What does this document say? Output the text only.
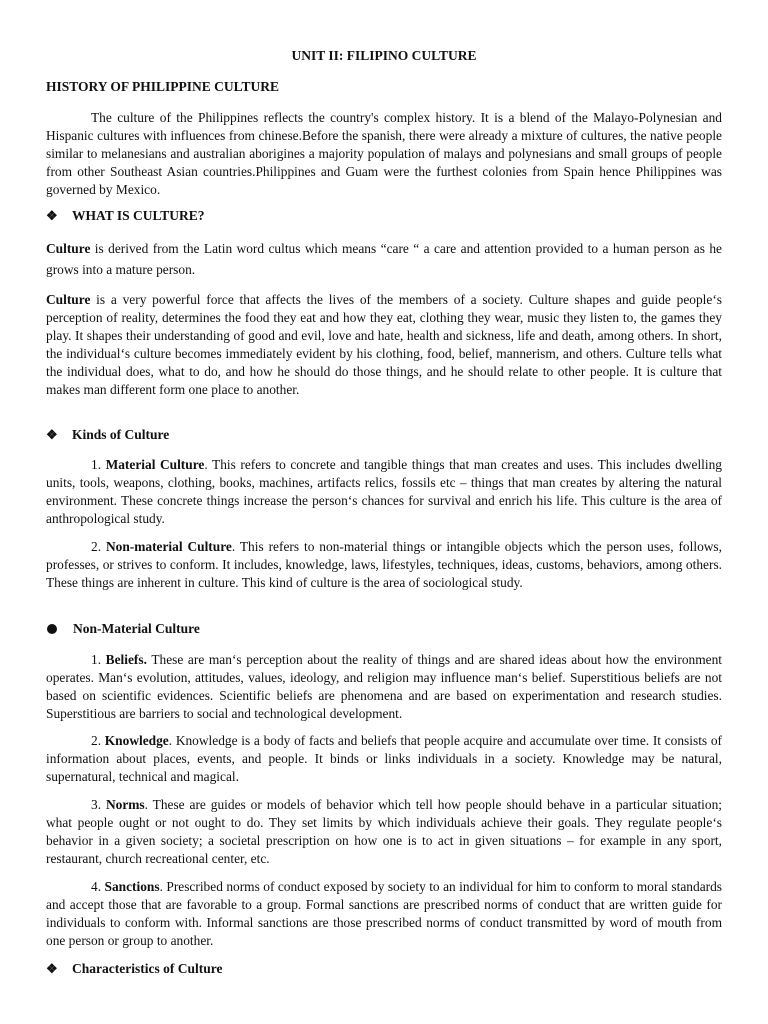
UNIT II: FILIPINO CULTURE
HISTORY OF PHILIPPINE CULTURE

The culture of the Philippines reflects the country's complex history. It is a blend of the Malayo-Polynesian and Hispanic cultures with influences from chinese.Before the spanish, there were already a mixture of cultures, the native people similar to melanesians and australian aborigines a majority population of malays and polynesians and small groups of people from other Southeast Asian countries.Philippines and Guam were the furthest colonies from Spain hence Philippines was governed by Mexico.

❖	WHAT IS CULTURE?

Culture is derived from the Latin word cultus which means “care “ a care and attention provided to a human person as he grows into a mature person.

Culture is a very powerful force that affects the lives of the members of a society. Culture shapes and guide people‘s perception of reality, determines the food they eat and how they eat, clothing they wear, music they listen to, the games they play. It shapes their understanding of good and evil, love and hate, health and sickness, life and death, among others. In short, the individual‘s culture becomes immediately evident by his clothing, food, belief, mannerism, and others. Culture tells what the individual does, what to do, and how he should do those things, and he should relate to other people. It is culture that makes man different form one place to another.

❖	Kinds of Culture

1. Material Culture. This refers to concrete and tangible things that man creates and uses. This includes dwelling units, tools, weapons, clothing, books, machines, artifacts relics, fossils etc – things that man creates by altering the natural environment. These concrete things increase the person‘s chances for survival and enrich his life. This culture is the area of anthropological study.

2. Non-material Culture. This refers to non-material things or intangible objects which the person uses, follows, professes, or strives to conform. It includes, knowledge, laws, lifestyles, techniques, ideas, customs, behaviors, among others. These things are inherent in culture. This kind of culture is the area of sociological study.

Non-Material Culture

1. Beliefs. These are man‘s perception about the reality of things and are shared ideas about how the environment operates. Man‘s evolution, attitudes, values, ideology, and religion may influence man‘s belief. Superstitious beliefs are not based on scientific evidences. Scientific beliefs are phenomena and are based on experimentation and research studies. Superstitious are barriers to social and technological development.

2. Knowledge. Knowledge is a body of facts and beliefs that people acquire and accumulate over time. It consists of information about places, events, and people. It binds or links individuals in a society. Knowledge may be natural, supernatural, technical and magical.

3. Norms. These are guides or models of behavior which tell how people should behave in a particular situation; what people ought or not ought to do. They set limits by which individuals achieve their goals. They regulate people‘s behavior in a given society; a societal prescription on how one is to act in given situations – for example in any sport, restaurant, church recreational center, etc.

4. Sanctions. Prescribed norms of conduct exposed by society to an individual for him to conform to moral standards and accept those that are favorable to a group. Formal sanctions are prescribed norms of conduct that are written guide for individuals to conform with. Informal sanctions are those prescribed norms of conduct transmitted by word of mouth from one person or group to another.

❖	Characteristics of Culture
